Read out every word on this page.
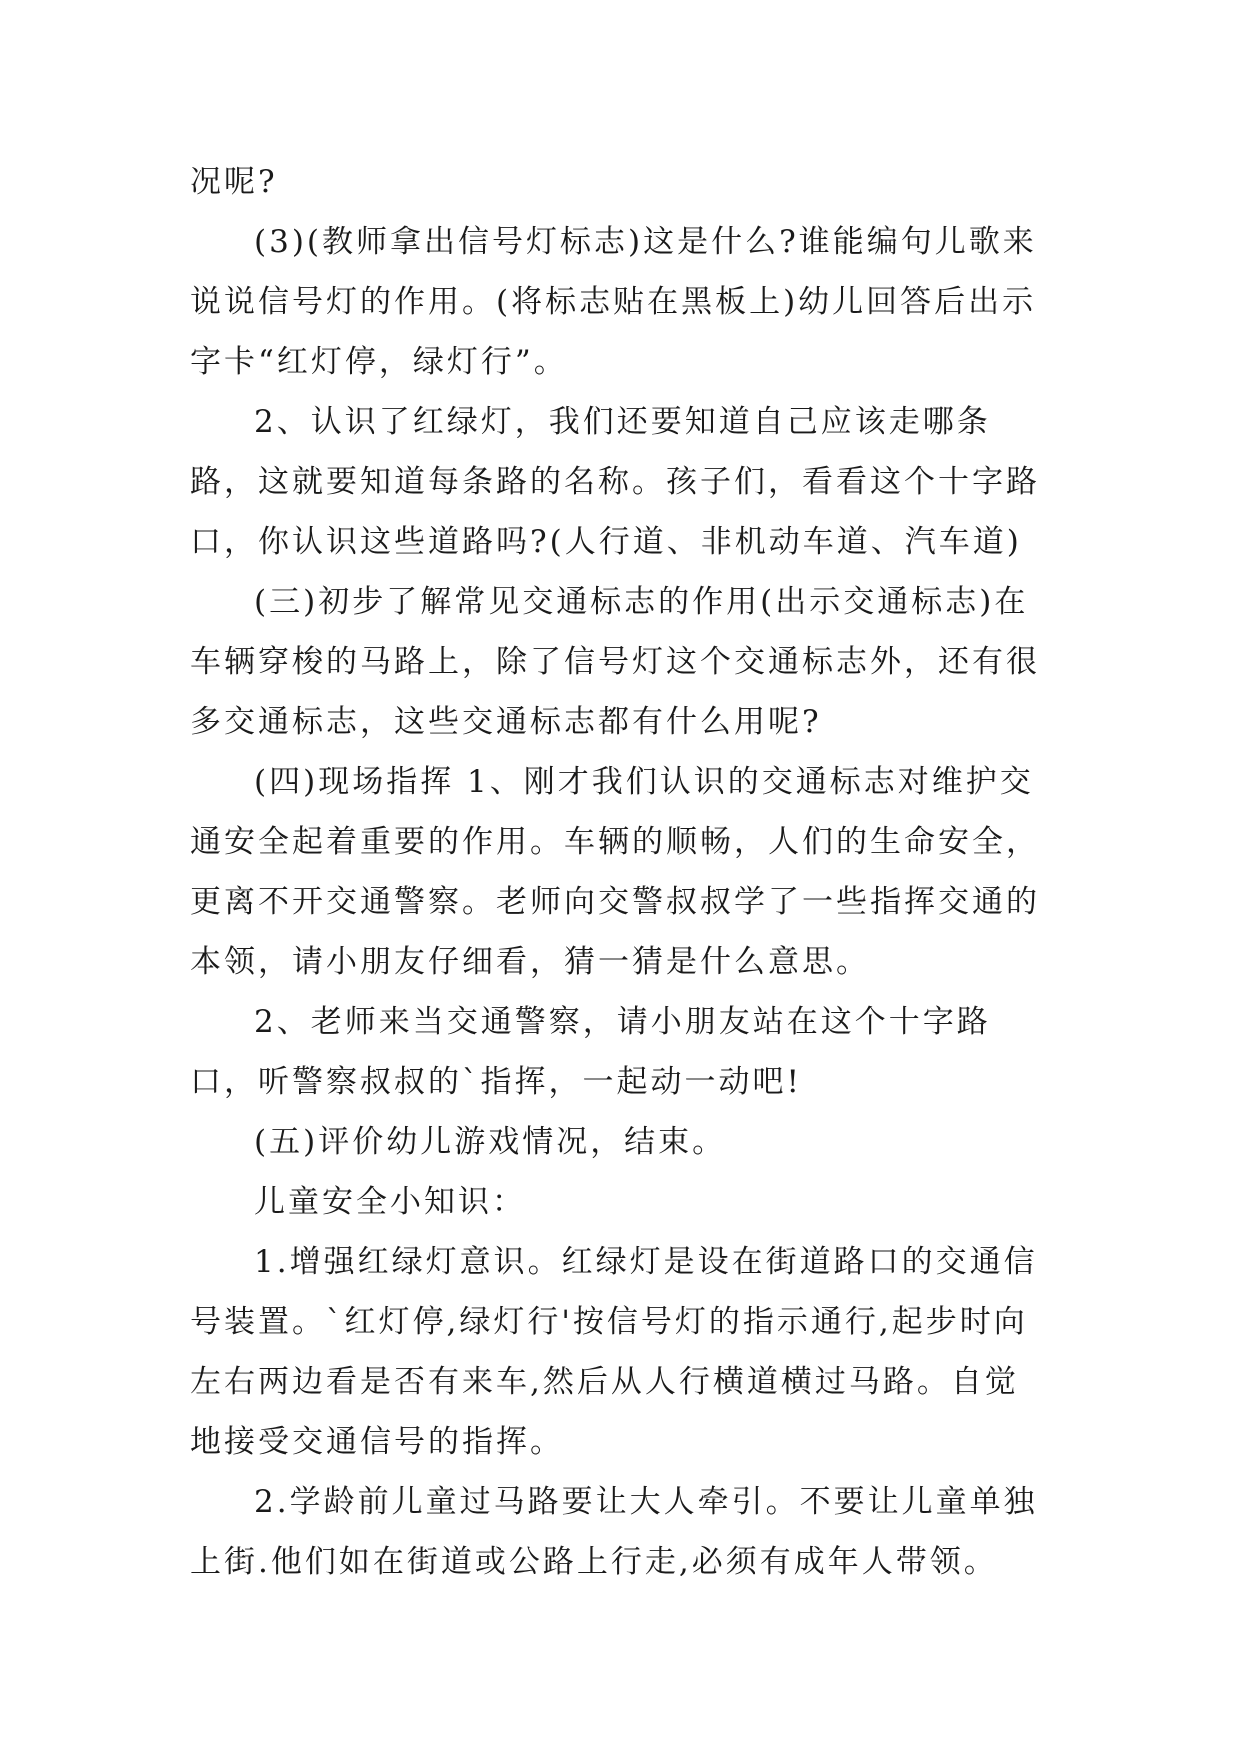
况呢?

(3)(教师拿出信号灯标志)这是什么?谁能编句儿歌来说说信号灯的作用。(将标志贴在黑板上)幼儿回答后出示字卡“红灯停，绿灯行”。

2、认识了红绿灯，我们还要知道自己应该走哪条路，这就要知道每条路的名称。孩子们，看看这个十字路口，你认识这些道路吗?(人行道、非机动车道、汽车道)

(三)初步了解常见交通标志的作用(出示交通标志)在车辆穿梭的马路上，除了信号灯这个交通标志外，还有很多交通标志，这些交通标志都有什么用呢?

(四)现场指挥 1、刚才我们认识的交通标志对维护交通安全起着重要的作用。车辆的顺畅，人们的生命安全，更离不开交通警察。老师向交警叔叔学了一些指挥交通的本领，请小朋友仔细看，猜一猜是什么意思。

2、老师来当交通警察，请小朋友站在这个十字路口，听警察叔叔的`指挥，一起动一动吧!

(五)评价幼儿游戏情况，结束。

儿童安全小知识：

1.增强红绿灯意识。红绿灯是设在街道路口的交通信号装置。`红灯停,绿灯行'按信号灯的指示通行,起步时向左右两边看是否有来车,然后从人行横道横过马路。自觉地接受交通信号的指挥。

2.学龄前儿童过马路要让大人牵引。不要让儿童单独上街.他们如在街道或公路上行走,必须有成年人带领。
